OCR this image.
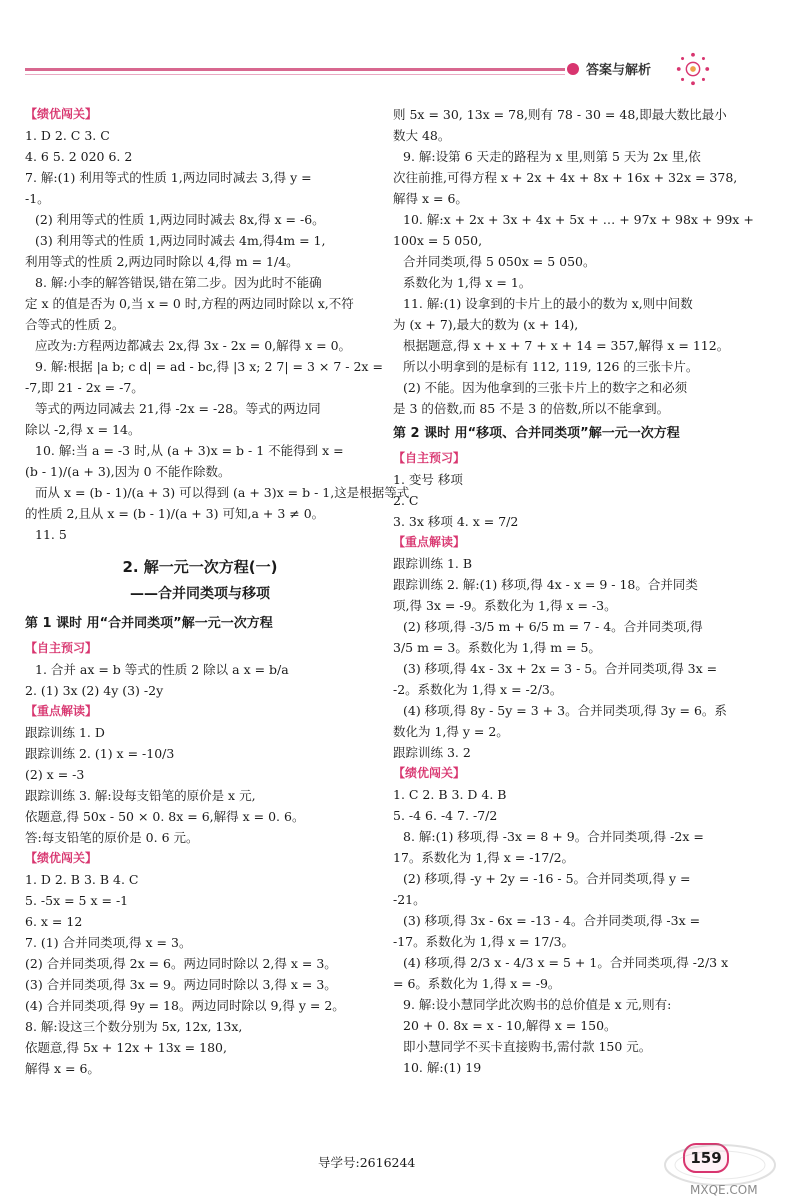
答案与解析
【绩优闯关】
1. D 2. C 3. C
4. 6 5. 2 020 6. 2
7. 解:(1) 利用等式的性质 1,两边同时减去 3,得 y =
-1。
(2) 利用等式的性质 1,两边同时减去 8x,得 x = -6。
(3) 利用等式的性质 1,两边同时减去 4m,得4m = 1,
利用等式的性质 2,两边同时除以 4,得 m = 1/4。
8. 解:小李的解答错误,错在第二步。因为此时不能确
定 x 的值是否为 0,当 x = 0 时,方程的两边同时除以 x,不符
合等式的性质 2。
应改为:方程两边都减去 2x,得 3x - 2x = 0,解得 x = 0。
9. 解:根据 |a b; c d| = ad - bc,得 |3 x; 2 7| = 3 × 7 - 2x =
-7,即 21 - 2x = -7。
等式的两边同减去 21,得 -2x = -28。等式的两边同
除以 -2,得 x = 14。
10. 解:当 a = -3 时,从 (a + 3)x = b - 1 不能得到 x =
(b - 1)/(a + 3),因为 0 不能作除数。
而从 x = (b - 1)/(a + 3) 可以得到 (a + 3)x = b - 1,这是根据等式
的性质 2,且从 x = (b - 1)/(a + 3) 可知,a + 3 ≠ 0。
11. 5
2. 解一元一次方程(一)
——合并同类项与移项
第 1 课时 用“合并同类项”解一元一次方程
【自主预习】
1. 合并 ax = b 等式的性质 2 除以 a x = b/a
2. (1) 3x (2) 4y (3) -2y
【重点解读】
跟踪训练 1. D
跟踪训练 2. (1) x = -10/3
(2) x = -3
跟踪训练 3. 解:设每支铅笔的原价是 x 元,
依题意,得 50x - 50 × 0. 8x = 6,解得 x = 0. 6。
答:每支铅笔的原价是 0. 6 元。
【绩优闯关】
1. D 2. B 3. B 4. C
5. -5x = 5 x = -1
6. x = 12
7. (1) 合并同类项,得 x = 3。
(2) 合并同类项,得 2x = 6。两边同时除以 2,得 x = 3。
(3) 合并同类项,得 3x = 9。两边同时除以 3,得 x = 3。
(4) 合并同类项,得 9y = 18。两边同时除以 9,得 y = 2。
8. 解:设这三个数分别为 5x, 12x, 13x,
依题意,得 5x + 12x + 13x = 180,
解得 x = 6。
则 5x = 30, 13x = 78,则有 78 - 30 = 48,即最大数比最小
数大 48。
9. 解:设第 6 天走的路程为 x 里,则第 5 天为 2x 里,依
次往前推,可得方程 x + 2x + 4x + 8x + 16x + 32x = 378,
解得 x = 6。
10. 解:x + 2x + 3x + 4x + 5x + … + 97x + 98x + 99x +
100x = 5 050,
合并同类项,得 5 050x = 5 050。
系数化为 1,得 x = 1。
11. 解:(1) 设拿到的卡片上的最小的数为 x,则中间数
为 (x + 7),最大的数为 (x + 14),
根据题意,得 x + x + 7 + x + 14 = 357,解得 x = 112。
所以小明拿到的是标有 112, 119, 126 的三张卡片。
(2) 不能。因为他拿到的三张卡片上的数字之和必须
是 3 的倍数,而 85 不是 3 的倍数,所以不能拿到。
第 2 课时 用“移项、合并同类项”解一元一次方程
【自主预习】
1. 变号 移项
2. C
3. 3x 移项 4. x = 7/2
【重点解读】
跟踪训练 1. B
跟踪训练 2. 解:(1) 移项,得 4x - x = 9 - 18。合并同类
项,得 3x = -9。系数化为 1,得 x = -3。
(2) 移项,得 -3/5 m + 6/5 m = 7 - 4。合并同类项,得
3/5 m = 3。系数化为 1,得 m = 5。
(3) 移项,得 4x - 3x + 2x = 3 - 5。合并同类项,得 3x =
-2。系数化为 1,得 x = -2/3。
(4) 移项,得 8y - 5y = 3 + 3。合并同类项,得 3y = 6。系
数化为 1,得 y = 2。
跟踪训练 3. 2
【绩优闯关】
1. C 2. B 3. D 4. B
5. -4 6. -4 7. -7/2
8. 解:(1) 移项,得 -3x = 8 + 9。合并同类项,得 -2x =
17。系数化为 1,得 x = -17/2。
(2) 移项,得 -y + 2y = -16 - 5。合并同类项,得 y =
-21。
(3) 移项,得 3x - 6x = -13 - 4。合并同类项,得 -3x =
-17。系数化为 1,得 x = 17/3。
(4) 移项,得 2/3 x - 4/3 x = 5 + 1。合并同类项,得 -2/3 x
= 6。系数化为 1,得 x = -9。
9. 解:设小慧同学此次购书的总价值是 x 元,则有:
20 + 0. 8x = x - 10,解得 x = 150。
即小慧同学不买卡直接购书,需付款 150 元。
10. 解:(1) 19
导学号:2616244	159
MXQE.COM
